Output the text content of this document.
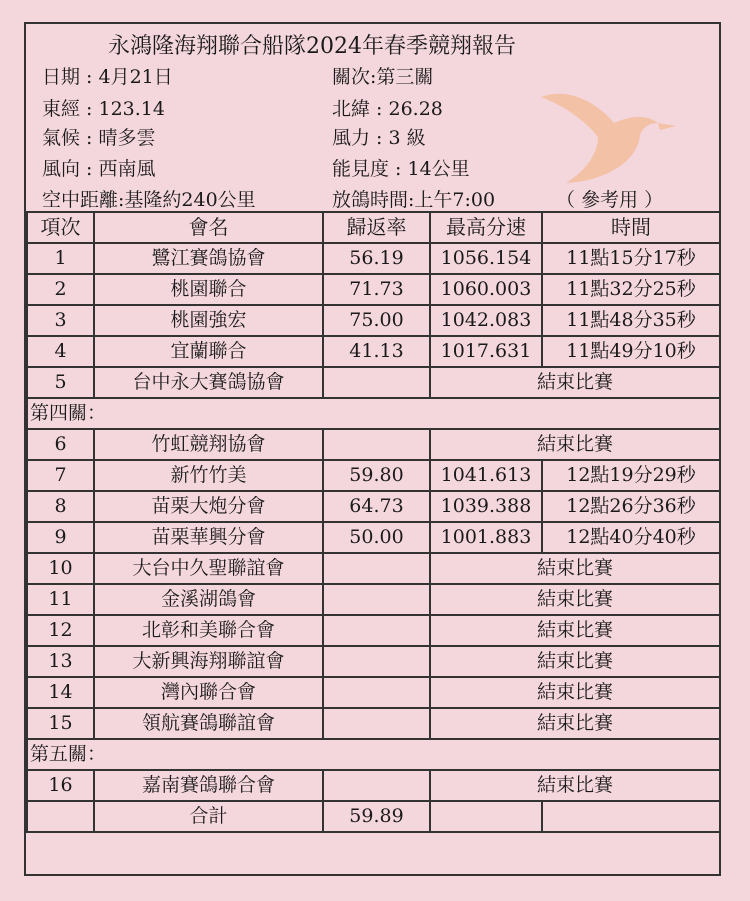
永鴻隆海翔聯合船隊2024年春季競翔報告
日期 : 4月21日	關次:第三關
東經 : 123.14	北緯 : 26.28
氣候 : 晴多雲	風力 : 3 級
風向 : 西南風	能見度 : 14公里
空中距離:基隆約240公里	放鴿時間:上午7:00	（ 參考用 ）
項次	會名	歸返率	最高分速	時間
1	鷺江賽鴿協會	56.19	1056.154	11點15分17秒
2	桃園聯合	71.73	1060.003	11點32分25秒
3	桃園強宏	75.00	1042.083	11點48分35秒
4	宜蘭聯合	41.13	1017.631	11點49分10秒
5	台中永大賽鴿協會		結束比賽	
第四關：				
6	竹虹競翔協會		結束比賽	
7	新竹竹美	59.80	1041.613	12點19分29秒
8	苗栗大炮分會	64.73	1039.388	12點26分36秒
9	苗栗華興分會	50.00	1001.883	12點40分40秒
10	大台中久聖聯誼會		結束比賽	
11	金溪湖鴿會		結束比賽	
12	北彰和美聯合會		結束比賽	
13	大新興海翔聯誼會		結束比賽	
14	灣內聯合會		結束比賽	
15	領航賽鴿聯誼會		結束比賽	
第五關：				
16	嘉南賽鴿聯合會		結束比賽	
	合計	59.89		
